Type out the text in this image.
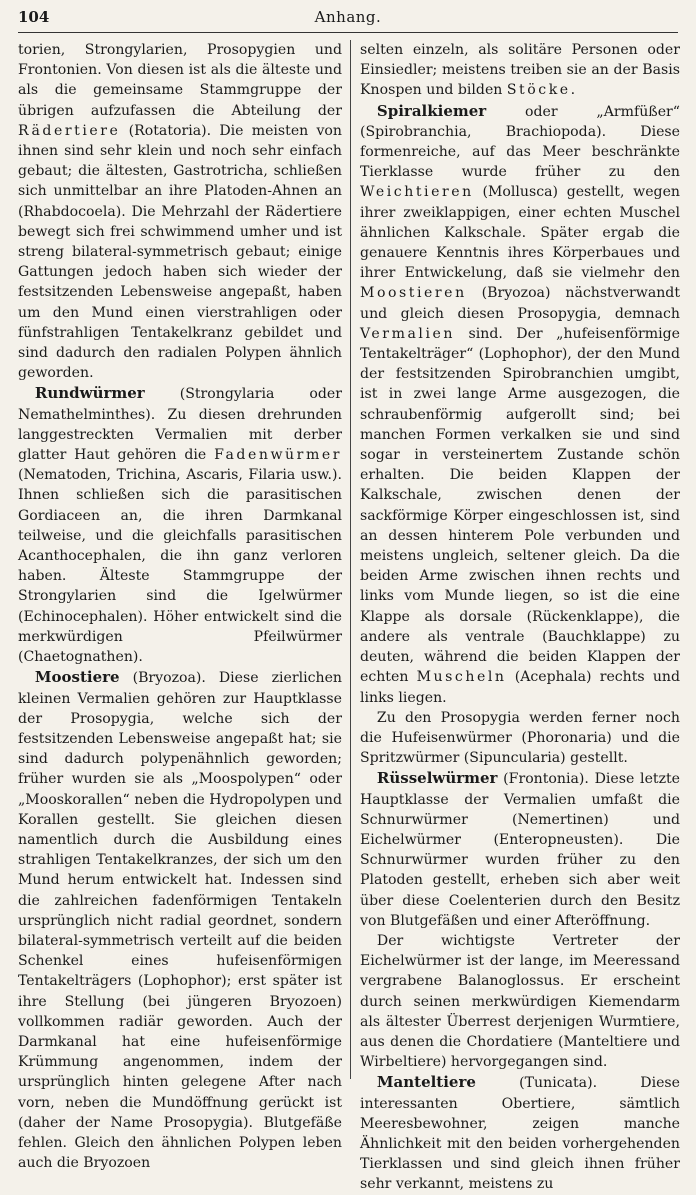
104	Anhang.

torien, Strongylarien, Prosopygien und Frontonien. Von diesen ist als die älteste und als die gemeinsame Stammgruppe der übrigen aufzufassen die Abteilung der Rädertiere (Rotatoria). Die meisten von ihnen sind sehr klein und noch sehr einfach gebaut; die ältesten, Gastrotricha, schließen sich unmittelbar an ihre Platoden-Ahnen an (Rhabdocoela). Die Mehrzahl der Rädertiere bewegt sich frei schwimmend umher und ist streng bilateral-symmetrisch gebaut; einige Gattungen jedoch haben sich wieder der festsitzenden Lebensweise angepaßt, haben um den Mund einen vierstrahligen oder fünfstrahligen Tentakelkranz gebildet und sind dadurch den radialen Polypen ähnlich geworden.

Rundwürmer (Strongylaria oder Nemathelminthes). Zu diesen drehrunden langgestreckten Vermalien mit derber glatter Haut gehören die Fadenwürmer (Nematoden, Trichina, Ascaris, Filaria usw.). Ihnen schließen sich die parasitischen Gordiaceen an, die ihren Darmkanal teilweise, und die gleichfalls parasitischen Acanthocephalen, die ihn ganz verloren haben. Älteste Stammgruppe der Strongylarien sind die Igelwürmer (Echinocephalen). Höher entwickelt sind die merkwürdigen Pfeilwürmer (Chaetognathen).

Moostiere (Bryozoa). Diese zierlichen kleinen Vermalien gehören zur Hauptklasse der Prosopygia, welche sich der festsitzenden Lebensweise angepaßt hat; sie sind dadurch polypenähnlich geworden; früher wurden sie als „Moospolypen“ oder „Mooskorallen“ neben die Hydropolypen und Korallen gestellt. Sie gleichen diesen namentlich durch die Ausbildung eines strahligen Tentakelkranzes, der sich um den Mund herum entwickelt hat. Indessen sind die zahlreichen fadenförmigen Tentakeln ursprünglich nicht radial geordnet, sondern bilateral-symmetrisch verteilt auf die beiden Schenkel eines hufeisenförmigen Tentakelträgers (Lophophor); erst später ist ihre Stellung (bei jüngeren Bryozoen) vollkommen radiär geworden. Auch der Darmkanal hat eine hufeisenförmige Krümmung angenommen, indem der ursprünglich hinten gelegene After nach vorn, neben die Mundöffnung gerückt ist (daher der Name Prosopygia). Blutgefäße fehlen. Gleich den ähnlichen Polypen leben auch die Bryozoen

selten einzeln, als solitäre Personen oder Einsiedler; meistens treiben sie an der Basis Knospen und bilden Stöcke.

Spiralkiemer oder „Armfüßer“ (Spirobranchia, Brachiopoda). Diese formenreiche, auf das Meer beschränkte Tierklasse wurde früher zu den Weichtieren (Mollusca) gestellt, wegen ihrer zweiklappigen, einer echten Muschel ähnlichen Kalkschale. Später ergab die genauere Kenntnis ihres Körperbaues und ihrer Entwickelung, daß sie vielmehr den Moostieren (Bryozoa) nächstverwandt und gleich diesen Prosopygia, demnach Vermalien sind. Der „hufeisenförmige Tentakelträger“ (Lophophor), der den Mund der festsitzenden Spirobranchien umgibt, ist in zwei lange Arme ausgezogen, die schraubenförmig aufgerollt sind; bei manchen Formen verkalken sie und sind sogar in versteinertem Zustande schön erhalten. Die beiden Klappen der Kalkschale, zwischen denen der sackförmige Körper eingeschlossen ist, sind an dessen hinterem Pole verbunden und meistens ungleich, seltener gleich. Da die beiden Arme zwischen ihnen rechts und links vom Munde liegen, so ist die eine Klappe als dorsale (Rückenklappe), die andere als ventrale (Bauchklappe) zu deuten, während die beiden Klappen der echten Muscheln (Acephala) rechts und links liegen.

Zu den Prosopygia werden ferner noch die Hufeisenwürmer (Phoronaria) und die Spritzwürmer (Sipuncularia) gestellt.

Rüsselwürmer (Frontonia). Diese letzte Hauptklasse der Vermalien umfaßt die Schnurwürmer (Nemertinen) und Eichelwürmer (Enteropneusten). Die Schnurwürmer wurden früher zu den Platoden gestellt, erheben sich aber weit über diese Coelenterien durch den Besitz von Blutgefäßen und einer Afteröffnung.

Der wichtigste Vertreter der Eichelwürmer ist der lange, im Meeressand vergrabene Balanoglossus. Er erscheint durch seinen merkwürdigen Kiemendarm als ältester Überrest derjenigen Wurmtiere, aus denen die Chordatiere (Manteltiere und Wirbeltiere) hervorgegangen sind.

Manteltiere (Tunicata). Diese interessanten Obertiere, sämtlich Meeresbewohner, zeigen manche Ähnlichkeit mit den beiden vorhergehenden Tierklassen und sind gleich ihnen früher sehr verkannt, meistens zu
